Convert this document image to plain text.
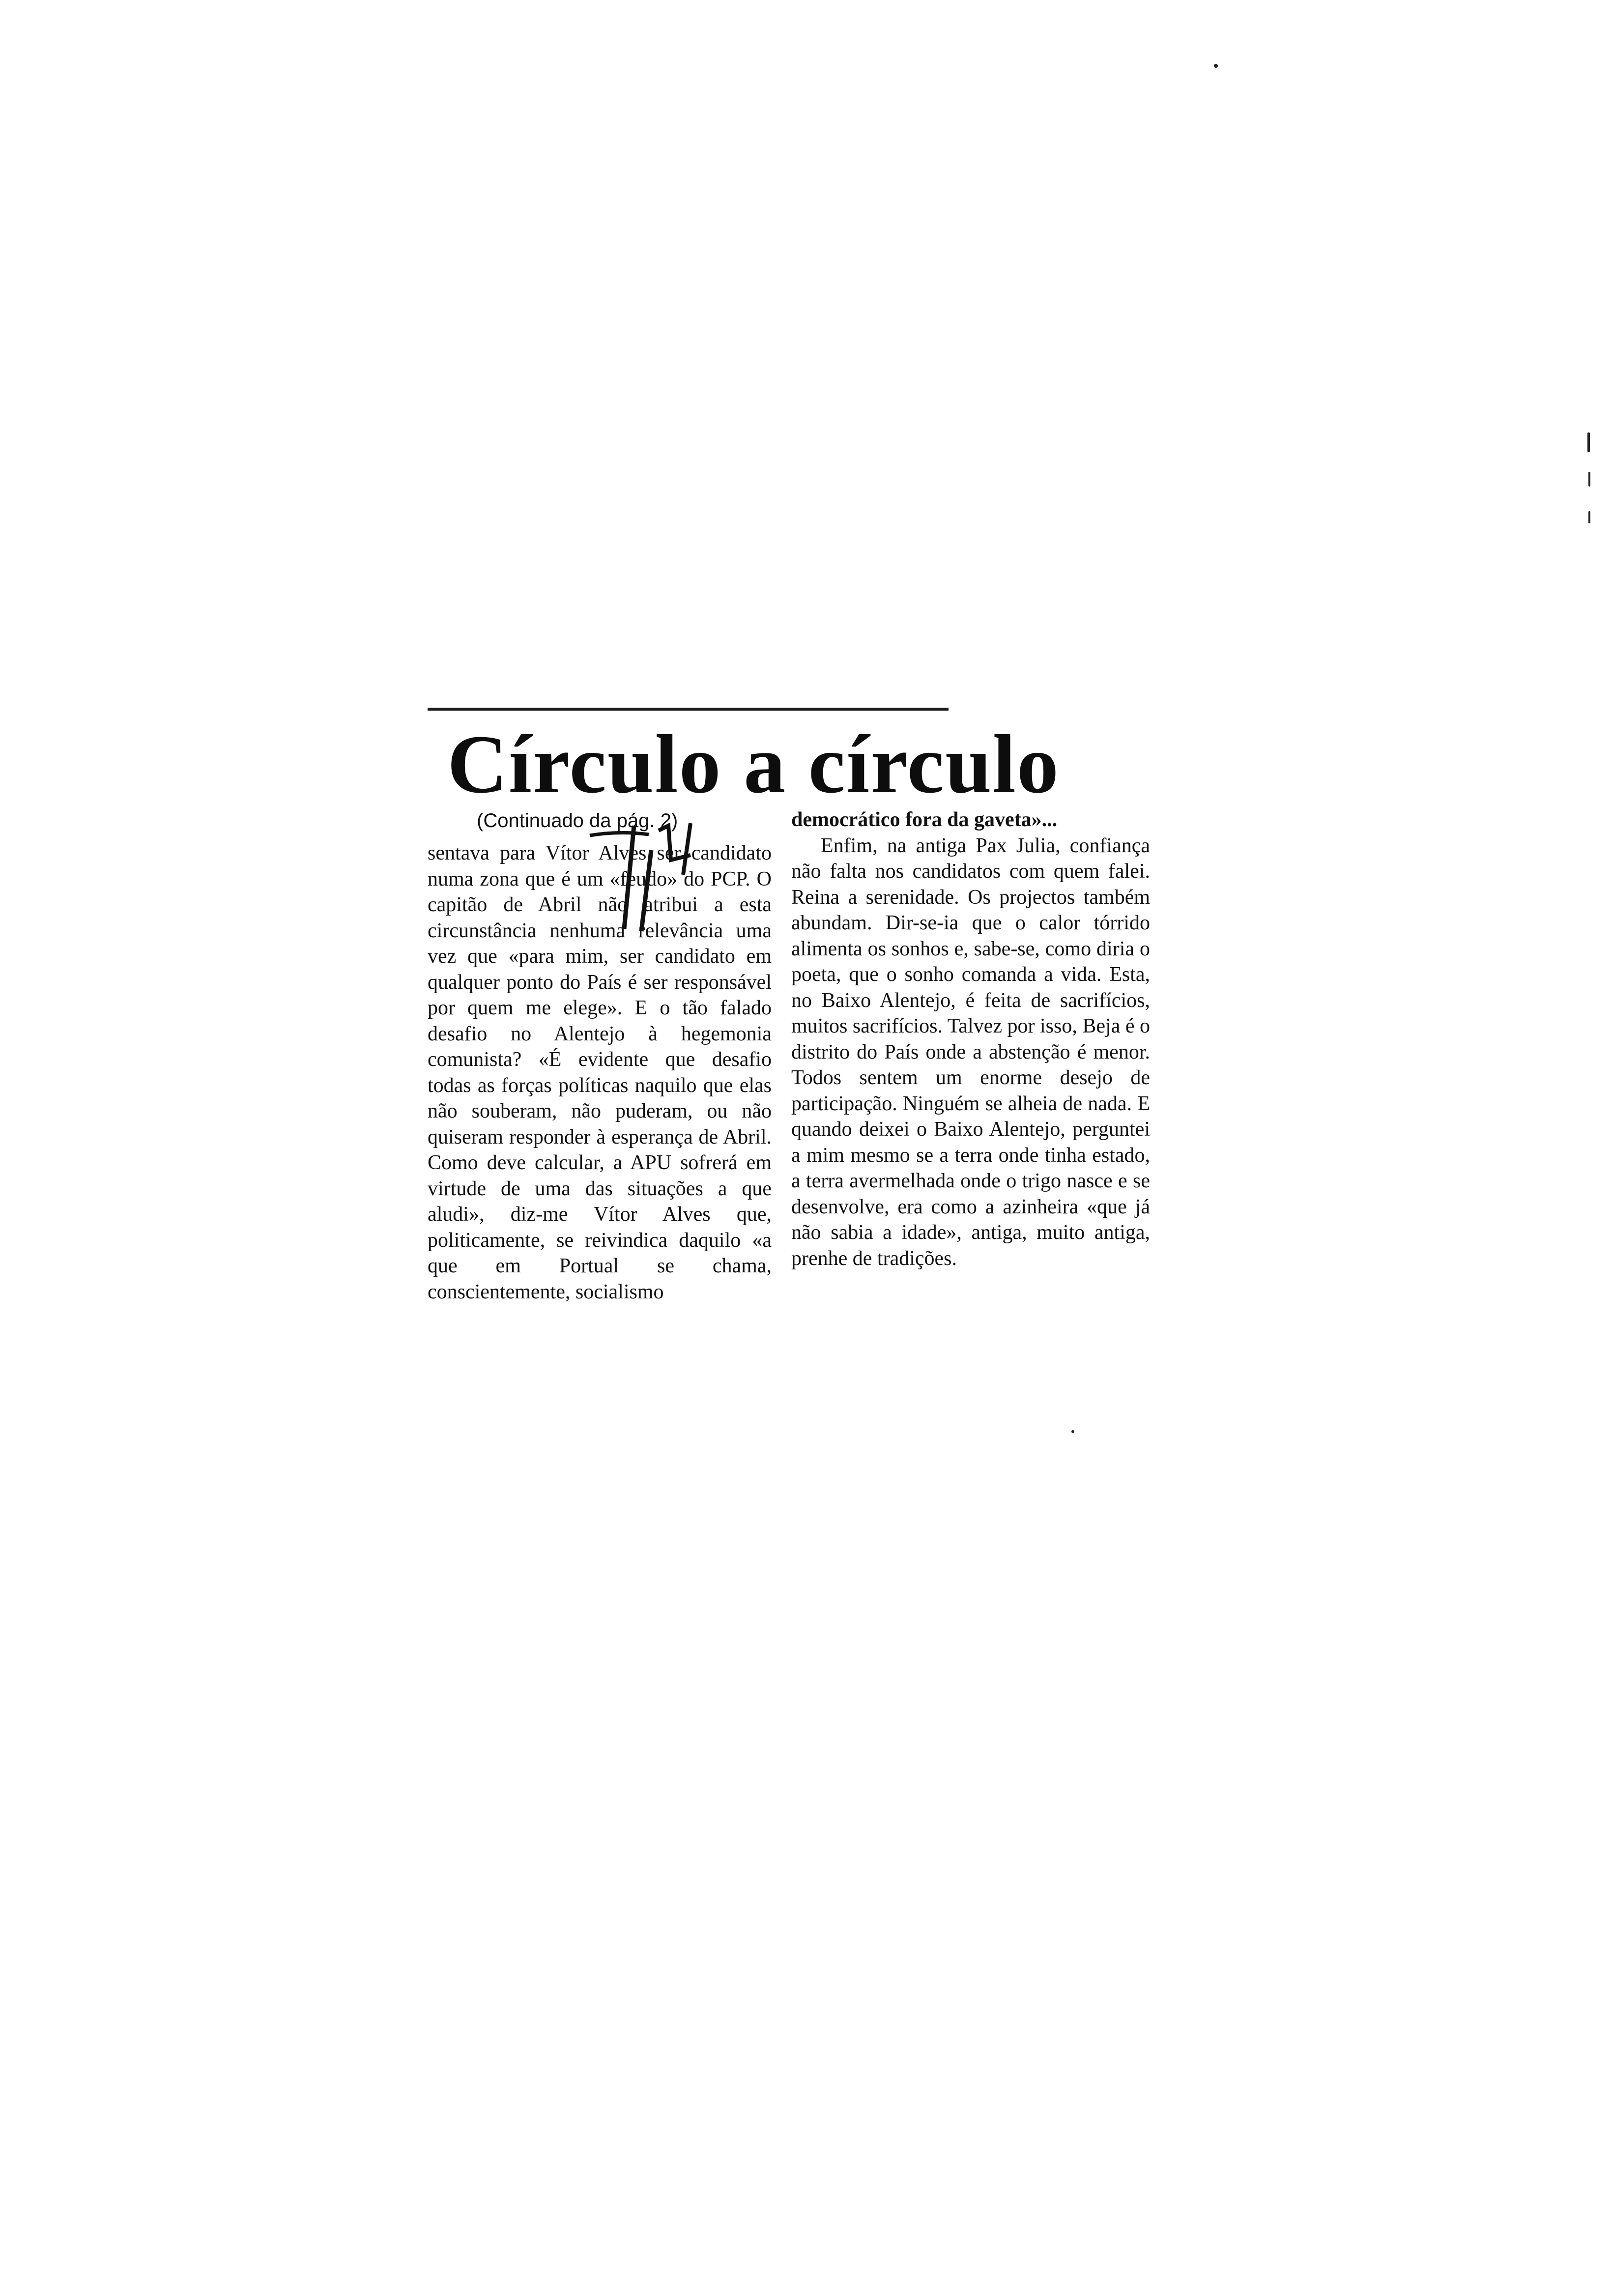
Círculo a círculo
(Continuado da pág. 2)

sentava para Vítor Alves ser candidato numa zona que é um «feudo» do PCP. O capitão de Abril não atribui a esta circunstância nenhuma relevância uma vez que «para mim, ser candidato em qualquer ponto do País é ser responsável por quem me elege». E o tão falado desafio no Alentejo à hegemonia comunista? «É evidente que desafio todas as forças políticas naquilo que elas não souberam, não puderam, ou não quiseram responder à esperança de Abril. Como deve calcular, a APU sofrerá em virtude de uma das situações a que aludi», diz-me Vítor Alves que, politicamente, se reivindica daquilo «a que em Portual se chama, conscientemente, socialismo

democrático fora da gaveta»...

Enfim, na antiga Pax Julia, confiança não falta nos candidatos com quem falei. Reina a serenidade. Os projectos também abundam. Dir-se-ia que o calor tórrido alimenta os sonhos e, sabe-se, como diria o poeta, que o sonho comanda a vida. Esta, no Baixo Alentejo, é feita de sacrifícios, muitos sacrifícios. Talvez por isso, Beja é o distrito do País onde a abstenção é menor. Todos sentem um enorme desejo de participação. Ninguém se alheia de nada. E quando deixei o Baixo Alentejo, perguntei a mim mesmo se a terra onde tinha estado, a terra avermelhada onde o trigo nasce e se desenvolve, era como a azinheira «que já não sabia a idade», antiga, muito antiga, prenhe de tradições.
